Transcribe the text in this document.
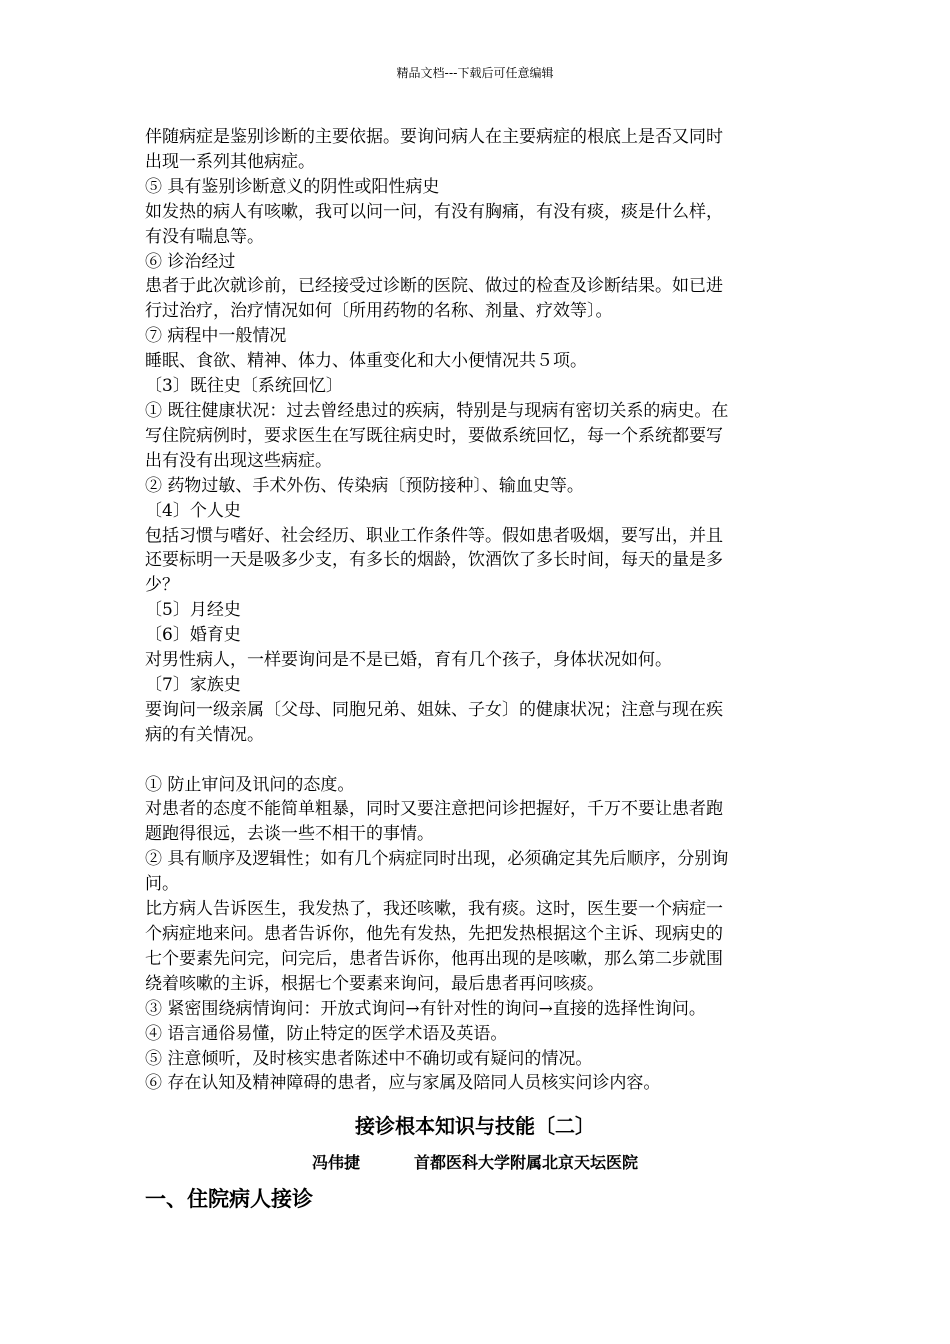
精品文档---下载后可任意编辑

伴随病症是鉴别诊断的主要依据。要询问病人在主要病症的根底上是否又同时

出现一系列其他病症。

⑤ 具有鉴别诊断意义的阴性或阳性病史

如发热的病人有咳嗽，我可以问一问，有没有胸痛，有没有痰，痰是什么样，

有没有喘息等。

⑥ 诊治经过

患者于此次就诊前，已经接受过诊断的医院、做过的检查及诊断结果。如已进

行过治疗，治疗情况如何〔所用药物的名称、剂量、疗效等〕。

⑦ 病程中一般情况

睡眠、食欲、精神、体力、体重变化和大小便情况共５项。

〔3〕既往史〔系统回忆〕

① 既往健康状况：过去曾经患过的疾病，特别是与现病有密切关系的病史。在

写住院病例时，要求医生在写既往病史时，要做系统回忆，每一个系统都要写

出有没有出现这些病症。

② 药物过敏、手术外伤、传染病〔预防接种〕、输血史等。

〔4〕个人史

包括习惯与嗜好、社会经历、职业工作条件等。假如患者吸烟，要写出，并且

还要标明一天是吸多少支，有多长的烟龄，饮酒饮了多长时间，每天的量是多

少？

〔5〕月经史

〔6〕婚育史

对男性病人，一样要询问是不是已婚，育有几个孩子，身体状况如何。

〔7〕家族史

要询问一级亲属〔父母、同胞兄弟、姐妹、子女〕的健康状况；注意与现在疾

病的有关情况。

① 防止审问及讯问的态度。

对患者的态度不能简单粗暴，同时又要注意把问诊把握好，千万不要让患者跑

题跑得很远，去谈一些不相干的事情。

② 具有顺序及逻辑性；如有几个病症同时出现，必须确定其先后顺序，分别询

问。

比方病人告诉医生，我发热了，我还咳嗽，我有痰。这时，医生要一个病症一

个病症地来问。患者告诉你，他先有发热，先把发热根据这个主诉、现病史的

七个要素先问完，问完后，患者告诉你，他再出现的是咳嗽，那么第二步就围

绕着咳嗽的主诉，根据七个要素来询问，最后患者再问咳痰。

③ 紧密围绕病情询问：开放式询问→有针对性的询问→直接的选择性询问。

④ 语言通俗易懂，防止特定的医学术语及英语。

⑤ 注意倾听，及时核实患者陈述中不确切或有疑问的情况。

⑥ 存在认知及精神障碍的患者，应与家属及陪同人员核实问诊内容。

接诊根本知识与技能〔二〕
冯伟捷	首都医科大学附属北京天坛医院
一、住院病人接诊
